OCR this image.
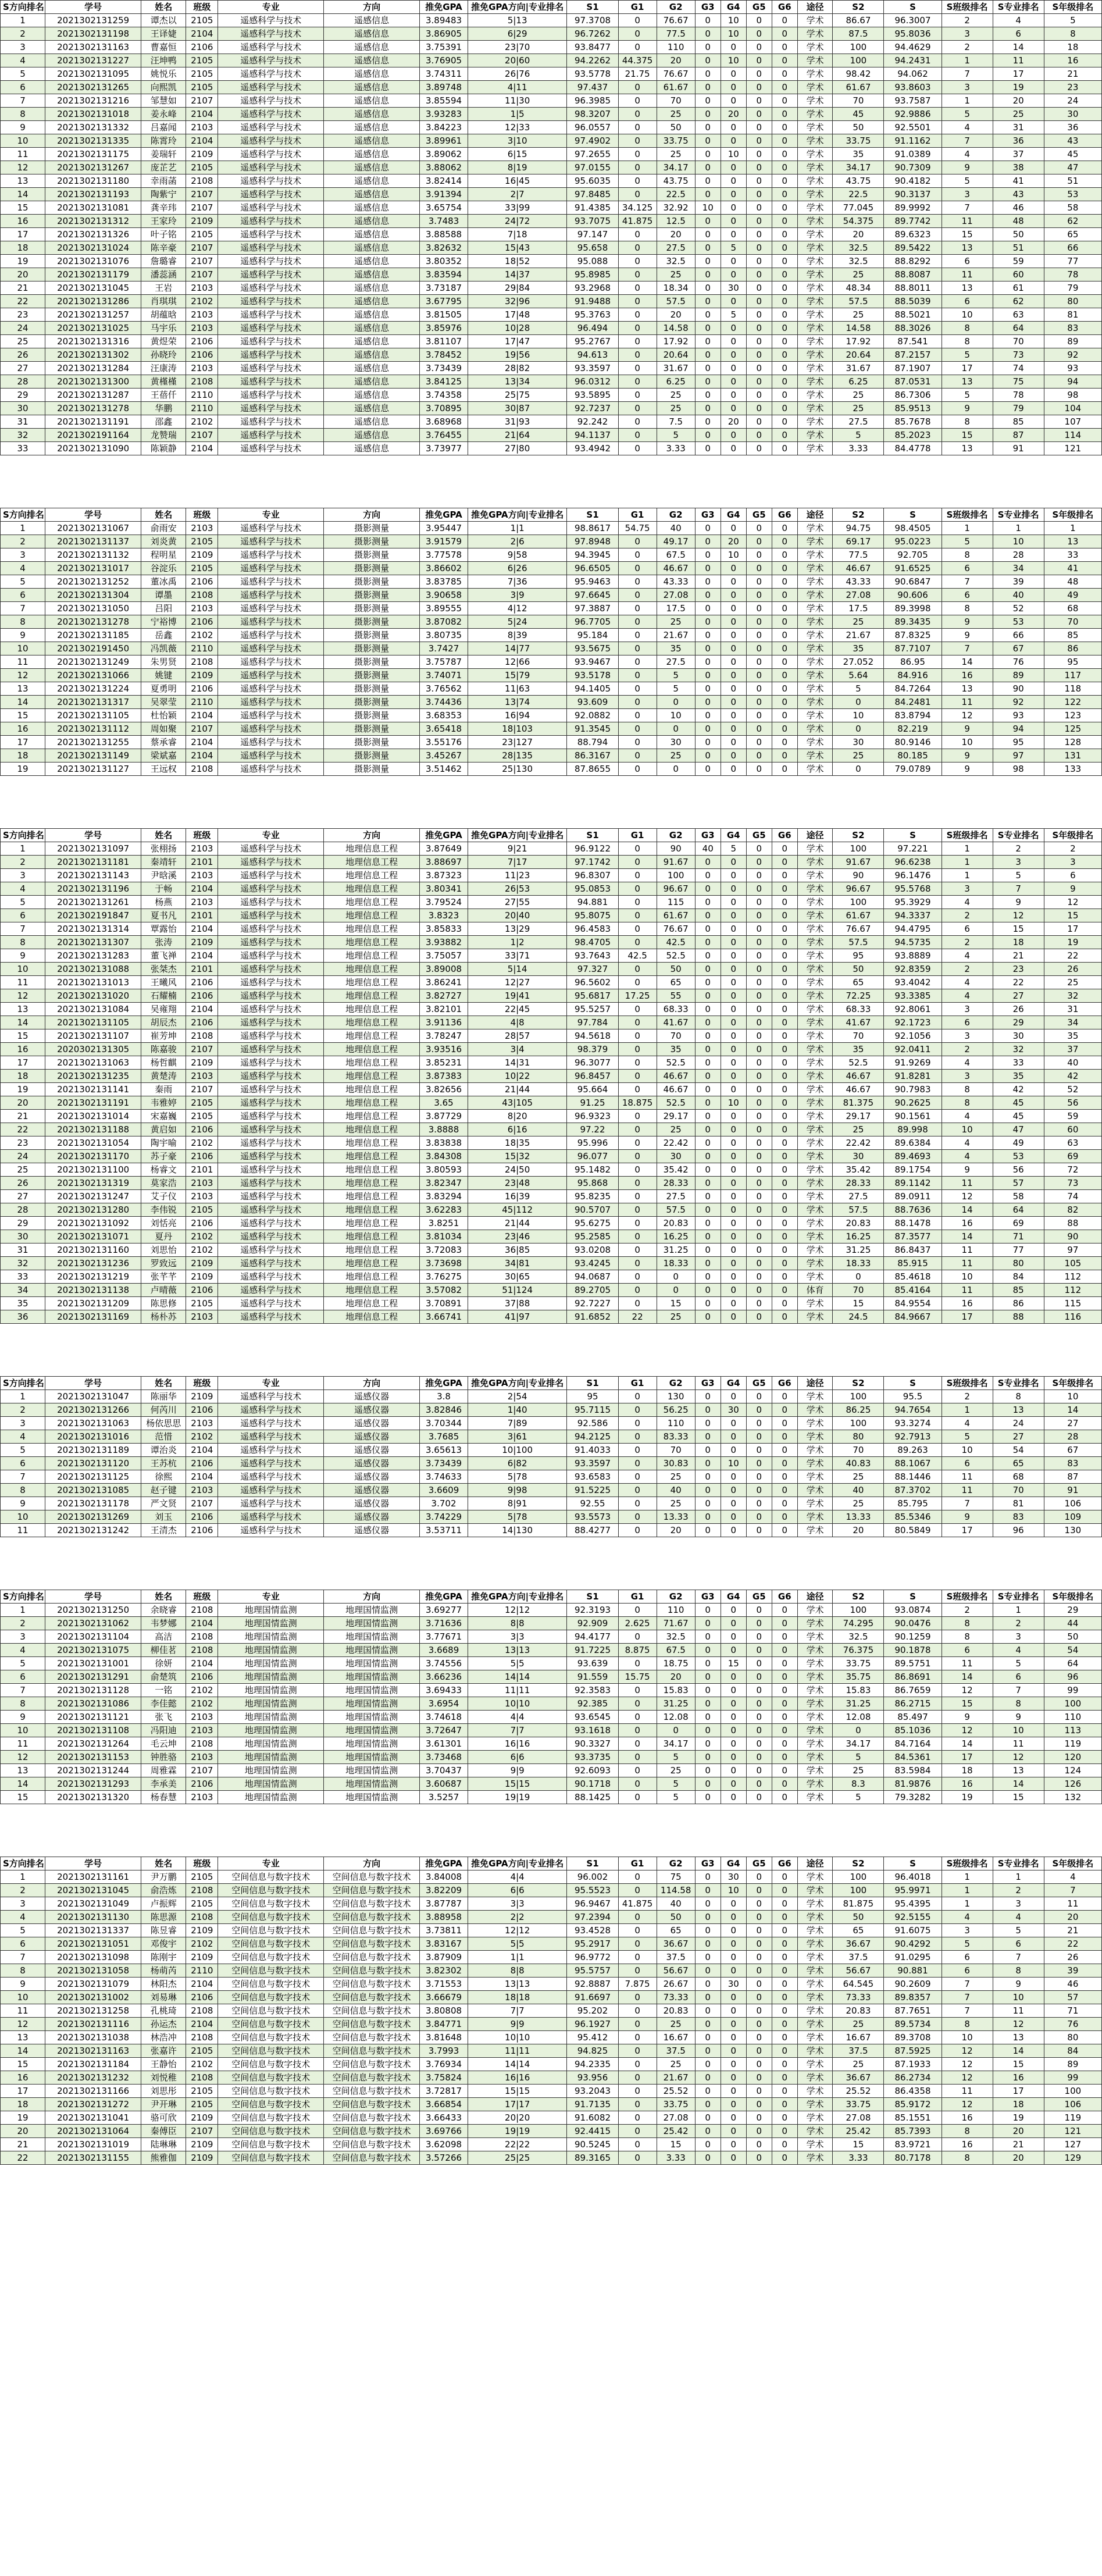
S方向排名	学号	姓名	班级	专业	方向	推免GPA	推免GPA方向|专业排名	S1	G1	G2	G3	G4	G5	G6	途径	S2	S	S班级排名	S专业排名	S年级排名
1	2021302131259	谭杰以	2105	遥感科学与技术	遥感信息	3.89483	5|13	97.3708	0	76.67	0	10	0	0	学术	86.67	96.3007	2	4	5
2	2021302131198	王译婕	2104	遥感科学与技术	遥感信息	3.86905	6|29	96.7262	0	77.5	0	10	0	0	学术	87.5	95.8036	3	6	8
3	2021302131163	曹嘉恒	2106	遥感科学与技术	遥感信息	3.75391	23|70	93.8477	0	110	0	0	0	0	学术	100	94.4629	2	14	18
4	2021302131227	汪坤鸭	2105	遥感科学与技术	遥感信息	3.76905	20|60	94.2262	44.375	20	0	10	0	0	学术	100	94.2431	1	11	16
5	2021302131095	姚悦乐	2105	遥感科学与技术	遥感信息	3.74311	26|76	93.5778	21.75	76.67	0	0	0	0	学术	98.42	94.062	7	17	21
6	2021302131265	向熙凯	2105	遥感科学与技术	遥感信息	3.89748	4|11	97.437	0	61.67	0	0	0	0	学术	61.67	93.8603	3	19	23
7	2021302131216	邹慧如	2107	遥感科学与技术	遥感信息	3.85594	11|30	96.3985	0	70	0	0	0	0	学术	70	93.7587	1	20	24
8	2021302131018	姜永峰	2104	遥感科学与技术	遥感信息	3.93283	1|5	98.3207	0	25	0	20	0	0	学术	45	92.9886	5	25	30
9	2021302131332	吕嘉闻	2103	遥感科学与技术	遥感信息	3.84223	12|33	96.0557	0	50	0	0	0	0	学术	50	92.5501	4	31	36
10	2021302131335	陈霄玲	2104	遥感科学与技术	遥感信息	3.89961	3|10	97.4902	0	33.75	0	0	0	0	学术	33.75	91.1162	7	36	43
11	2021302131175	姜瑞轩	2109	遥感科学与技术	遥感信息	3.89062	6|15	97.2655	0	25	0	10	0	0	学术	35	91.0389	4	37	45
12	2021302131267	庞芷艺	2105	遥感科学与技术	遥感信息	3.88062	8|19	97.0155	0	34.17	0	0	0	0	学术	34.17	90.7309	9	38	47
13	2021302131180	幸雨菡	2108	遥感科学与技术	遥感信息	3.82414	16|45	95.6035	0	43.75	0	0	0	0	学术	43.75	90.4182	5	41	51
14	2021302131193	陶紫宁	2107	遥感科学与技术	遥感信息	3.91394	2|7	97.8485	0	22.5	0	0	0	0	学术	22.5	90.3137	3	43	53
15	2021302131081	龚辛玮	2107	遥感科学与技术	遥感信息	3.65754	33|99	91.4385	34.125	32.92	10	0	0	0	学术	77.045	89.9992	7	46	58
16	2021302131312	王家玲	2109	遥感科学与技术	遥感信息	3.7483	24|72	93.7075	41.875	12.5	0	0	0	0	学术	54.375	89.7742	11	48	62
17	2021302131326	叶子铭	2105	遥感科学与技术	遥感信息	3.88588	7|18	97.147	0	20	0	0	0	0	学术	20	89.6323	15	50	65
18	2021302131024	陈辛豪	2107	遥感科学与技术	遥感信息	3.82632	15|43	95.658	0	27.5	0	5	0	0	学术	32.5	89.5422	13	51	66
19	2021302131076	詹璐睿	2107	遥感科学与技术	遥感信息	3.80352	18|52	95.088	0	32.5	0	0	0	0	学术	32.5	88.8292	6	59	77
20	2021302131179	潘蕊涵	2107	遥感科学与技术	遥感信息	3.83594	14|37	95.8985	0	25	0	0	0	0	学术	25	88.8087	11	60	78
21	2021302131045	王岩	2103	遥感科学与技术	遥感信息	3.73187	29|84	93.2968	0	18.34	0	30	0	0	学术	48.34	88.8011	13	61	79
22	2021302131286	肖琪琪	2102	遥感科学与技术	遥感信息	3.67795	32|96	91.9488	0	57.5	0	0	0	0	学术	57.5	88.5039	6	62	80
23	2021302131257	胡蕴晗	2103	遥感科学与技术	遥感信息	3.81505	17|48	95.3763	0	20	0	5	0	0	学术	25	88.5021	10	63	81
24	2021302131025	马宇乐	2103	遥感科学与技术	遥感信息	3.85976	10|28	96.494	0	14.58	0	0	0	0	学术	14.58	88.3026	8	64	83
25	2021302131316	黄煜荣	2106	遥感科学与技术	遥感信息	3.81107	17|47	95.2767	0	17.92	0	0	0	0	学术	17.92	87.541	8	70	89
26	2021302131302	孙晓玲	2106	遥感科学与技术	遥感信息	3.78452	19|56	94.613	0	20.64	0	0	0	0	学术	20.64	87.2157	5	73	92
27	2021302131284	汪康涛	2103	遥感科学与技术	遥感信息	3.73439	28|82	93.3597	0	31.67	0	0	0	0	学术	31.67	87.1907	17	74	93
28	2021302131300	黄槿槿	2108	遥感科学与技术	遥感信息	3.84125	13|34	96.0312	0	6.25	0	0	0	0	学术	6.25	87.0531	13	75	94
29	2021302131287	王蓓仟	2110	遥感科学与技术	遥感信息	3.74358	25|75	93.5895	0	25	0	0	0	0	学术	25	86.7306	5	78	98
30	2021302131278	华鹏	2110	遥感科学与技术	遥感信息	3.70895	30|87	92.7237	0	25	0	0	0	0	学术	25	85.9513	9	79	104
31	2021302131191	邵鑫	2102	遥感科学与技术	遥感信息	3.68968	31|93	92.242	0	7.5	0	20	0	0	学术	27.5	85.7678	8	85	107
32	2021302191164	龙赞瑞	2107	遥感科学与技术	遥感信息	3.76455	21|64	94.1137	0	5	0	0	0	0	学术	5	85.2023	15	87	114
33	2021302131090	陈颖静	2104	遥感科学与技术	遥感信息	3.73977	27|80	93.4942	0	3.33	0	0	0	0	学术	3.33	84.4778	13	91	121
S方向排名	学号	姓名	班级	专业	方向	推免GPA	推免GPA方向|专业排名	S1	G1	G2	G3	G4	G5	G6	途径	S2	S	S班级排名	S专业排名	S年级排名
1	2021302131067	俞雨安	2103	遥感科学与技术	摄影测量	3.95447	1|1	98.8617	54.75	40	0	0	0	0	学术	94.75	98.4505	1	1	1
2	2021302131137	刘炎黄	2105	遥感科学与技术	摄影测量	3.91579	2|6	97.8948	0	49.17	0	20	0	0	学术	69.17	95.0223	5	10	13
3	2021302131132	程明星	2109	遥感科学与技术	摄影测量	3.77578	9|58	94.3945	0	67.5	0	10	0	0	学术	77.5	92.705	8	28	33
4	2021302131017	谷淀乐	2105	遥感科学与技术	摄影测量	3.86602	6|26	96.6505	0	46.67	0	0	0	0	学术	46.67	91.6525	6	34	41
5	2021302131252	董冰禹	2106	遥感科学与技术	摄影测量	3.83785	7|36	95.9463	0	43.33	0	0	0	0	学术	43.33	90.6847	7	39	48
6	2021302131304	谭墨	2108	遥感科学与技术	摄影测量	3.90658	3|9	97.6645	0	27.08	0	0	0	0	学术	27.08	90.606	6	40	49
7	2021302131050	吕阳	2103	遥感科学与技术	摄影测量	3.89555	4|12	97.3887	0	17.5	0	0	0	0	学术	17.5	89.3998	8	52	68
8	2021302131278	宁裕博	2106	遥感科学与技术	摄影测量	3.87082	5|24	96.7705	0	25	0	0	0	0	学术	25	89.3435	9	53	70
9	2021302131185	岳鑫	2102	遥感科学与技术	摄影测量	3.80735	8|39	95.184	0	21.67	0	0	0	0	学术	21.67	87.8325	9	66	85
10	2021302191450	冯凯薇	2110	遥感科学与技术	摄影测量	3.7427	14|77	93.5675	0	35	0	0	0	0	学术	35	87.7107	7	67	86
11	2021302131249	朱男贤	2108	遥感科学与技术	摄影测量	3.75787	12|66	93.9467	0	27.5	0	0	0	0	学术	27.052	86.95	14	76	95
12	2021302131066	姚键	2109	遥感科学与技术	摄影测量	3.74071	15|79	93.5178	0	5	0	0	0	0	学术	5.64	84.916	16	89	117
13	2021302131224	夏勇明	2106	遥感科学与技术	摄影测量	3.76562	11|63	94.1405	0	5	0	0	0	0	学术	5	84.7264	13	90	118
14	2021302131317	吴翠莹	2110	遥感科学与技术	摄影测量	3.74436	13|74	93.609	0	0	0	0	0	0	学术	0	84.2481	11	92	122
15	2021302131105	杜怡颖	2104	遥感科学与技术	摄影测量	3.68353	16|94	92.0882	0	10	0	0	0	0	学术	10	83.8794	12	93	123
16	2021302131112	周如聚	2107	遥感科学与技术	摄影测量	3.65418	18|103	91.3545	0	0	0	0	0	0	学术	0	82.219	9	94	125
17	2021302131255	蔡承睿	2104	遥感科学与技术	摄影测量	3.55176	23|127	88.794	0	30	0	0	0	0	学术	30	80.9146	10	95	128
18	2021302131149	梁斌嘉	2104	遥感科学与技术	摄影测量	3.45267	28|135	86.3167	0	25	0	0	0	0	学术	25	80.185	9	97	131
19	2021302131127	王远权	2108	遥感科学与技术	摄影测量	3.51462	25|130	87.8655	0	0	0	0	0	0	学术	0	79.0789	9	98	133
S方向排名	学号	姓名	班级	专业	方向	推免GPA	推免GPA方向|专业排名	S1	G1	G2	G3	G4	G5	G6	途径	S2	S	S班级排名	S专业排名	S年级排名
1	2021302131097	张栩扬	2103	遥感科学与技术	地理信息工程	3.87649	9|21	96.9122	0	90	40	5	0	0	学术	100	97.221	1	2	2
2	2021302131181	秦靖轩	2101	遥感科学与技术	地理信息工程	3.88697	7|17	97.1742	0	91.67	0	0	0	0	学术	91.67	96.6238	1	3	3
3	2021302131143	尹晗溪	2103	遥感科学与技术	地理信息工程	3.87323	11|23	96.8307	0	100	0	0	0	0	学术	90	96.1476	1	5	6
4	2021302131196	于畅	2104	遥感科学与技术	地理信息工程	3.80341	26|53	95.0853	0	96.67	0	0	0	0	学术	96.67	95.5768	3	7	9
5	2021302131261	杨燕	2103	遥感科学与技术	地理信息工程	3.79524	27|55	94.881	0	115	0	0	0	0	学术	100	95.3929	4	9	12
6	2021302191847	夏书凡	2101	遥感科学与技术	地理信息工程	3.8323	20|40	95.8075	0	61.67	0	0	0	0	学术	61.67	94.3337	2	12	15
7	2021302131314	覃露怡	2104	遥感科学与技术	地理信息工程	3.85833	13|29	96.4583	0	76.67	0	0	0	0	学术	76.67	94.4795	6	15	17
8	2021302131307	张涛	2109	遥感科学与技术	地理信息工程	3.93882	1|2	98.4705	0	42.5	0	0	0	0	学术	57.5	94.5735	2	18	19
9	2021302131283	董飞禅	2104	遥感科学与技术	地理信息工程	3.75057	33|71	93.7643	42.5	52.5	0	0	0	0	学术	95	93.8889	4	21	22
10	2021302131088	张桀杰	2101	遥感科学与技术	地理信息工程	3.89008	5|14	97.327	0	50	0	0	0	0	学术	50	92.8359	2	23	26
11	2021302131013	王曦风	2106	遥感科学与技术	地理信息工程	3.86241	12|27	96.5602	0	65	0	0	0	0	学术	65	93.4042	4	22	25
12	2021302131020	石耀楠	2106	遥感科学与技术	地理信息工程	3.82727	19|41	95.6817	17.25	55	0	0	0	0	学术	72.25	93.3385	4	27	32
13	2021302131084	吴雍翔	2104	遥感科学与技术	地理信息工程	3.82101	22|45	95.5257	0	68.33	0	0	0	0	学术	68.33	92.8061	3	26	31
14	2021302131105	胡辰杰	2106	遥感科学与技术	地理信息工程	3.91136	4|8	97.784	0	41.67	0	0	0	0	学术	41.67	92.1723	6	29	34
15	2021302131107	崔芳坤	2108	遥感科学与技术	地理信息工程	3.78247	28|57	94.5618	0	70	0	0	0	0	学术	70	92.1056	3	30	35
16	2020302131305	陈嘉骏	2107	遥感科学与技术	地理信息工程	3.93516	3|4	98.379	0	35	0	0	0	0	学术	35	92.0411	2	32	37
17	2021302131063	杨哲麒	2109	遥感科学与技术	地理信息工程	3.85231	14|31	96.3077	0	52.5	0	0	0	0	学术	52.5	91.9269	4	33	40
18	2021302131235	黄楚涛	2103	遥感科学与技术	地理信息工程	3.87383	10|22	96.8457	0	46.67	0	0	0	0	学术	46.67	91.8281	3	35	42
19	2021302131141	秦雨	2107	遥感科学与技术	地理信息工程	3.82656	21|44	95.664	0	46.67	0	0	0	0	学术	46.67	90.7983	8	42	52
20	2021302131191	韦雅婷	2105	遥感科学与技术	地理信息工程	3.65	43|105	91.25	18.875	52.5	0	10	0	0	学术	81.375	90.2625	8	45	56
21	2021302131014	宋嘉巍	2105	遥感科学与技术	地理信息工程	3.87729	8|20	96.9323	0	29.17	0	0	0	0	学术	29.17	90.1561	4	45	59
22	2021302131188	黄启如	2106	遥感科学与技术	地理信息工程	3.8888	6|16	97.22	0	25	0	0	0	0	学术	25	89.998	10	47	60
23	2021302131054	陶宇喻	2102	遥感科学与技术	地理信息工程	3.83838	18|35	95.996	0	22.42	0	0	0	0	学术	22.42	89.6384	4	49	63
24	2021302131170	苏子豪	2106	遥感科学与技术	地理信息工程	3.84308	15|32	96.077	0	30	0	0	0	0	学术	30	89.4693	4	53	69
25	2021302131100	杨睿文	2101	遥感科学与技术	地理信息工程	3.80593	24|50	95.1482	0	35.42	0	0	0	0	学术	35.42	89.1754	9	56	72
26	2021302131319	莫家浩	2103	遥感科学与技术	地理信息工程	3.82347	23|48	95.868	0	28.33	0	0	0	0	学术	28.33	89.1142	11	57	73
27	2021302131247	艾子仪	2103	遥感科学与技术	地理信息工程	3.83294	16|39	95.8235	0	27.5	0	0	0	0	学术	27.5	89.0911	12	58	74
28	2021302131280	李伟锐	2105	遥感科学与技术	地理信息工程	3.62283	45|112	90.5707	0	57.5	0	0	0	0	学术	57.5	88.7636	14	64	82
29	2021302131092	刘恬亮	2106	遥感科学与技术	地理信息工程	3.8251	21|44	95.6275	0	20.83	0	0	0	0	学术	20.83	88.1478	16	69	88
30	2021302131071	夏丹	2102	遥感科学与技术	地理信息工程	3.81034	23|46	95.2585	0	16.25	0	0	0	0	学术	16.25	87.3577	14	71	90
31	2021302131160	刘思怡	2102	遥感科学与技术	地理信息工程	3.72083	36|85	93.0208	0	31.25	0	0	0	0	学术	31.25	86.8437	11	77	97
32	2021302131236	罗致远	2109	遥感科学与技术	地理信息工程	3.73698	34|81	93.4245	0	18.33	0	0	0	0	学术	18.33	85.915	11	80	105
33	2021302131219	张芊芊	2109	遥感科学与技术	地理信息工程	3.76275	30|65	94.0687	0	0	0	0	0	0	学术	0	85.4618	10	84	112
34	2021302131138	卢晴薇	2106	遥感科学与技术	地理信息工程	3.57082	51|124	89.2705	0	0	0	0	0	0	体育	70	85.4164	11	85	112
35	2021302131209	陈思修	2105	遥感科学与技术	地理信息工程	3.70891	37|88	92.7227	0	15	0	0	0	0	学术	15	84.9554	16	86	115
36	2021302131169	杨朴苏	2103	遥感科学与技术	地理信息工程	3.66741	41|97	91.6852	22	25	0	0	0	0	学术	24.5	84.9667	17	88	116
S方向排名	学号	姓名	班级	专业	方向	推免GPA	推免GPA方向|专业排名	S1	G1	G2	G3	G4	G5	G6	途径	S2	S	S班级排名	S专业排名	S年级排名
1	2021302131047	陈丽华	2109	遥感科学与技术	遥感仪器	3.8	2|54	95	0	130	0	0	0	0	学术	100	95.5	2	8	10
2	2021302131266	何芮川	2106	遥感科学与技术	遥感仪器	3.82846	1|40	95.7115	0	56.25	0	30	0	0	学术	86.25	94.7654	1	13	14
3	2021302131063	杨依思思	2103	遥感科学与技术	遥感仪器	3.70344	7|89	92.586	0	110	0	0	0	0	学术	100	93.3274	4	24	27
4	2021302131016	范惜	2102	遥感科学与技术	遥感仪器	3.7685	3|61	94.2125	0	83.33	0	0	0	0	学术	80	92.7913	5	27	28
5	2021302131189	谭治炎	2104	遥感科学与技术	遥感仪器	3.65613	10|100	91.4033	0	70	0	0	0	0	学术	70	89.263	10	54	67
6	2021302131120	王苏杭	2106	遥感科学与技术	遥感仪器	3.73439	6|82	93.3597	0	30.83	0	10	0	0	学术	40.83	88.1067	6	65	83
7	2021302131125	徐熙	2104	遥感科学与技术	遥感仪器	3.74633	5|78	93.6583	0	25	0	0	0	0	学术	25	88.1446	11	68	87
8	2021302131085	赵子键	2103	遥感科学与技术	遥感仪器	3.6609	9|98	91.5225	0	40	0	0	0	0	学术	40	87.3702	11	70	91
9	2021302131178	严文贤	2107	遥感科学与技术	遥感仪器	3.702	8|91	92.55	0	25	0	0	0	0	学术	25	85.795	7	81	106
10	2021302131269	刘玉	2106	遥感科学与技术	遥感仪器	3.74229	5|78	93.5573	0	13.33	0	0	0	0	学术	13.33	85.5346	9	83	109
11	2021302131242	王清杰	2106	遥感科学与技术	遥感仪器	3.53711	14|130	88.4277	0	20	0	0	0	0	学术	20	80.5849	17	96	130
S方向排名	学号	姓名	班级	专业	方向	推免GPA	推免GPA方向|专业排名	S1	G1	G2	G3	G4	G5	G6	途径	S2	S	S班级排名	S专业排名	S年级排名
1	2021302131250	余晓睿	2108	地理国情监测	地理国情监测	3.69277	12|12	92.3193	0	110	0	0	0	0	学术	100	93.0874	2	1	29
2	2021302131062	韦梦娜	2104	地理国情监测	地理国情监测	3.71636	8|8	92.909	2.625	71.67	0	0	0	0	学术	74.295	90.0476	8	2	44
3	2021302131104	高洁	2108	地理国情监测	地理国情监测	3.77671	3|3	94.4177	0	32.5	0	0	0	0	学术	32.5	90.1259	8	3	50
4	2021302131075	柳佳茗	2108	地理国情监测	地理国情监测	3.6689	13|13	91.7225	8.875	67.5	0	0	0	0	学术	76.375	90.1878	6	4	54
5	2021302131001	徐妍	2104	地理国情监测	地理国情监测	3.74556	5|5	93.639	0	18.75	0	15	0	0	学术	33.75	89.5751	11	5	64
6	2021302131291	俞楚筑	2106	地理国情监测	地理国情监测	3.66236	14|14	91.559	15.75	20	0	0	0	0	学术	35.75	86.8691	14	6	96
7	2021302131128	一铭	2102	地理国情监测	地理国情监测	3.69433	11|11	92.3583	0	15.83	0	0	0	0	学术	15.83	86.7659	12	7	99
8	2021302131086	李佳懿	2102	地理国情监测	地理国情监测	3.6954	10|10	92.385	0	31.25	0	0	0	0	学术	31.25	86.2715	15	8	100
9	2021302131121	张飞	2103	地理国情监测	地理国情监测	3.74618	4|4	93.6545	0	12.08	0	0	0	0	学术	12.08	85.497	9	9	110
10	2021302131108	冯阳迪	2103	地理国情监测	地理国情监测	3.72647	7|7	93.1618	0	0	0	0	0	0	学术	0	85.1036	12	10	113
11	2021302131264	毛云坤	2108	地理国情监测	地理国情监测	3.61301	16|16	90.3327	0	34.17	0	0	0	0	学术	34.17	84.7164	14	11	119
12	2021302131153	钟胜骆	2103	地理国情监测	地理国情监测	3.73468	6|6	93.3735	0	5	0	0	0	0	学术	5	84.5361	17	12	120
13	2021302131244	周雅霖	2107	地理国情监测	地理国情监测	3.70437	9|9	92.6093	0	25	0	0	0	0	学术	25	83.5984	18	13	124
14	2021302131293	李承美	2106	地理国情监测	地理国情监测	3.60687	15|15	90.1718	0	5	0	0	0	0	学术	8.3	81.9876	16	14	126
15	2021302131320	杨春慧	2103	地理国情监测	地理国情监测	3.5257	19|19	88.1425	0	5	0	0	0	0	学术	5	79.3282	19	15	132
S方向排名	学号	姓名	班级	专业	方向	推免GPA	推免GPA方向|专业排名	S1	G1	G2	G3	G4	G5	G6	途径	S2	S	S班级排名	S专业排名	S年级排名
1	2021302131161	尹万鹏	2105	空间信息与数字技术	空间信息与数字技术	3.84008	4|4	96.002	0	75	0	30	0	0	学术	100	96.4018	1	1	4
2	2021302131045	俞浩炼	2108	空间信息与数字技术	空间信息与数字技术	3.82209	6|6	95.5523	0	114.58	0	10	0	0	学术	100	95.9971	1	2	7
3	2021302131049	卢振辉	2105	空间信息与数字技术	空间信息与数字技术	3.87787	3|3	96.9467	41.875	40	0	0	0	0	学术	81.875	95.4395	1	3	11
4	2021302131130	陈思源	2108	空间信息与数字技术	空间信息与数字技术	3.88958	2|2	97.2394	0	50	0	0	0	0	学术	50	92.5155	4	4	20
5	2021302131337	陈昱睿	2109	空间信息与数字技术	空间信息与数字技术	3.73811	12|12	93.4528	0	65	0	0	0	0	学术	65	91.6075	3	5	21
6	2021302131051	邓俊宇	2102	空间信息与数字技术	空间信息与数字技术	3.83167	5|5	95.2917	0	36.67	0	0	0	0	学术	36.67	90.4292	5	6	22
7	2021302131098	陈刚宇	2109	空间信息与数字技术	空间信息与数字技术	3.87909	1|1	96.9772	0	37.5	0	0	0	0	学术	37.5	91.0295	6	7	26
8	2021302131058	杨萌芮	2110	空间信息与数字技术	空间信息与数字技术	3.82302	8|8	95.5757	0	56.67	0	0	0	0	学术	56.67	90.881	6	8	39
9	2021302131079	林阳杰	2104	空间信息与数字技术	空间信息与数字技术	3.71553	13|13	92.8887	7.875	26.67	0	30	0	0	学术	64.545	90.2609	7	9	46
10	2021302131002	刘易琳	2106	空间信息与数字技术	空间信息与数字技术	3.66679	18|18	91.6697	0	73.33	0	0	0	0	学术	73.33	89.8357	7	10	57
11	2021302131258	孔桃琦	2108	空间信息与数字技术	空间信息与数字技术	3.80808	7|7	95.202	0	20.83	0	0	0	0	学术	20.83	87.7651	7	11	71
12	2021302131116	孙运杰	2104	空间信息与数字技术	空间信息与数字技术	3.84771	9|9	96.1927	0	25	0	0	0	0	学术	25	89.5734	8	12	76
13	2021302131038	林浩冲	2108	空间信息与数字技术	空间信息与数字技术	3.81648	10|10	95.412	0	16.67	0	0	0	0	学术	16.67	89.3708	10	13	80
14	2021302131163	张嘉许	2105	空间信息与数字技术	空间信息与数字技术	3.7993	11|11	94.825	0	37.5	0	0	0	0	学术	37.5	87.5925	12	14	84
15	2021302131184	王静怡	2102	空间信息与数字技术	空间信息与数字技术	3.76934	14|14	94.2335	0	25	0	0	0	0	学术	25	87.1933	12	15	89
16	2021302131232	刘悦稚	2108	空间信息与数字技术	空间信息与数字技术	3.75824	16|16	93.956	0	21.67	0	0	0	0	学术	36.67	86.2734	12	16	99
17	2021302131166	刘思彤	2105	空间信息与数字技术	空间信息与数字技术	3.72817	15|15	93.2043	0	25.52	0	0	0	0	学术	25.52	86.4358	11	17	100
18	2021302131272	尹开琳	2105	空间信息与数字技术	空间信息与数字技术	3.66854	17|17	91.7135	0	33.75	0	0	0	0	学术	33.75	85.9172	12	18	106
19	2021302131041	骆可欣	2109	空间信息与数字技术	空间信息与数字技术	3.66433	20|20	91.6082	0	27.08	0	0	0	0	学术	27.08	85.1551	16	19	119
20	2021302131064	秦傅臣	2107	空间信息与数字技术	空间信息与数字技术	3.69766	19|19	92.4415	0	25.42	0	0	0	0	学术	25.42	85.7393	8	20	121
21	2021302131019	陆琳琳	2109	空间信息与数字技术	空间信息与数字技术	3.62098	22|22	90.5245	0	15	0	0	0	0	学术	15	83.9721	16	21	127
22	2021302131155	熊雅伽	2109	空间信息与数字技术	空间信息与数字技术	3.57266	25|25	89.3165	0	3.33	0	0	0	0	学术	3.33	80.7178	8	20	129
